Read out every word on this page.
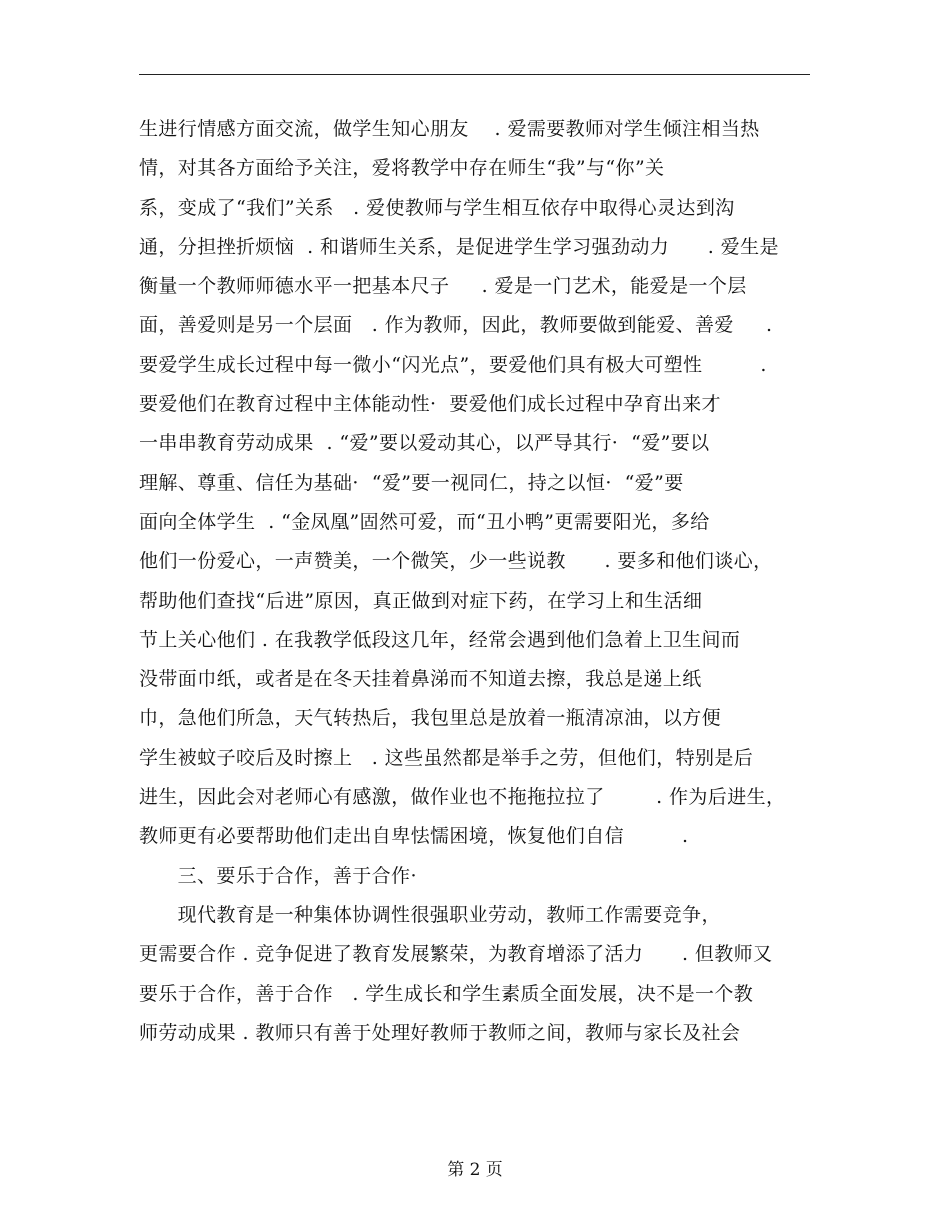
生进行情感方面交流，做学生知心朋友    . 爱需要教师对学生倾注相当热
情，对其各方面给予关注，爱将教学中存在师生“我”与“你”关
系，变成了“我们”关系   . 爱使教师与学生相互依存中取得心灵达到沟
通，分担挫折烦恼  . 和谐师生关系，是促进学生学习强劲动力      . 爱生是
衡量一个教师师德水平一把基本尺子     . 爱是一门艺术，能爱是一个层
面，善爱则是另一个层面   . 作为教师，因此，教师要做到能爱、善爱     .
要爱学生成长过程中每一微小“闪光点”，要爱他们具有极大可塑性         .
要爱他们在教育过程中主体能动性·  要爱他们成长过程中孕育出来才
一串串教育劳动成果  . “爱”要以爱动其心，以严导其行·  “爱”要以
理解、尊重、信任为基础·  “爱”要一视同仁，持之以恒·  “爱”要
面向全体学生  . “金凤凰”固然可爱，而“丑小鸭”更需要阳光，多给
他们一份爱心，一声赞美，一个微笑，少一些说教      . 要多和他们谈心，
帮助他们查找“后进”原因，真正做到对症下药，在学习上和生活细
节上关心他们 . 在我教学低段这几年，经常会遇到他们急着上卫生间而
没带面巾纸，或者是在冬天挂着鼻涕而不知道去擦，我总是递上纸
巾，急他们所急，天气转热后，我包里总是放着一瓶清凉油，以方便
学生被蚊子咬后及时擦上   . 这些虽然都是举手之劳，但他们，特别是后
进生，因此会对老师心有感激，做作业也不拖拖拉拉了        . 作为后进生，
教师更有必要帮助他们走出自卑怯懦困境，恢复他们自信         .
三、要乐于合作，善于合作·
现代教育是一种集体协调性很强职业劳动，教师工作需要竞争，
更需要合作 . 竞争促进了教育发展繁荣，为教育增添了活力      . 但教师又
要乐于合作，善于合作   . 学生成长和学生素质全面发展，决不是一个教
师劳动成果 . 教师只有善于处理好教师于教师之间，教师与家长及社会
第 2 页
